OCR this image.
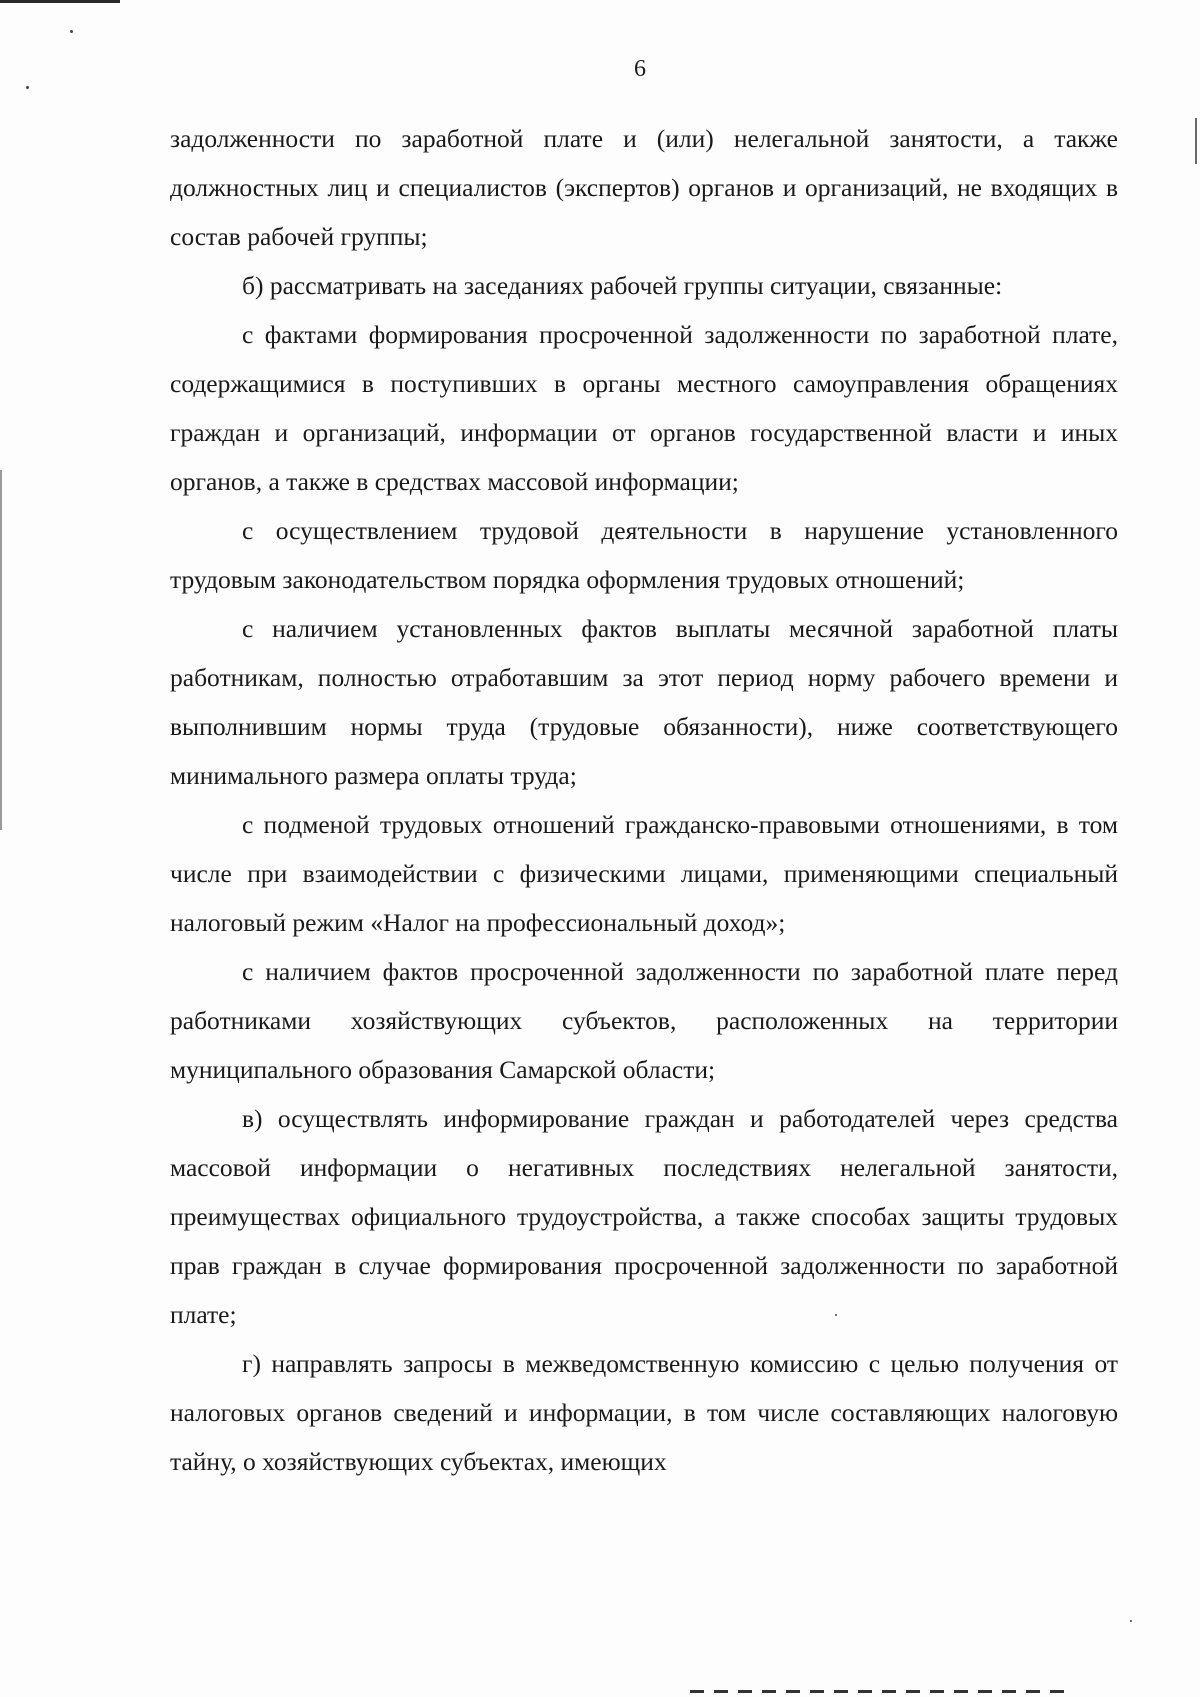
6

задолженности по заработной плате и (или) нелегальной занятости, а также должностных лиц и специалистов (экспертов) органов и организаций, не входящих в состав рабочей группы;

б) рассматривать на заседаниях рабочей группы ситуации, связанные:

с фактами формирования просроченной задолженности по заработной плате, содержащимися в поступивших в органы местного самоуправления обращениях граждан и организаций, информации от органов государственной власти и иных органов, а также в средствах массовой информации;

с осуществлением трудовой деятельности в нарушение установленного трудовым законодательством порядка оформления трудовых отношений;

с наличием установленных фактов выплаты месячной заработной платы работникам, полностью отработавшим за этот период норму рабочего времени и выполнившим нормы труда (трудовые обязанности), ниже соответствующего минимального размера оплаты труда;

с подменой трудовых отношений гражданско-правовыми отношениями, в том числе при взаимодействии с физическими лицами, применяющими специальный налоговый режим «Налог на профессиональный доход»;

с наличием фактов просроченной задолженности по заработной плате перед работниками хозяйствующих субъектов, расположенных на территории муниципального образования Самарской области;

в) осуществлять информирование граждан и работодателей через средства массовой информации о негативных последствиях нелегальной занятости, преимуществах официального трудоустройства, а также способах защиты трудовых прав граждан в случае формирования просроченной задолженности по заработной плате;

г) направлять запросы в межведомственную комиссию с целью получения от налоговых органов сведений и информации, в том числе составляющих налоговую тайну, о хозяйствующих субъектах, имеющих
